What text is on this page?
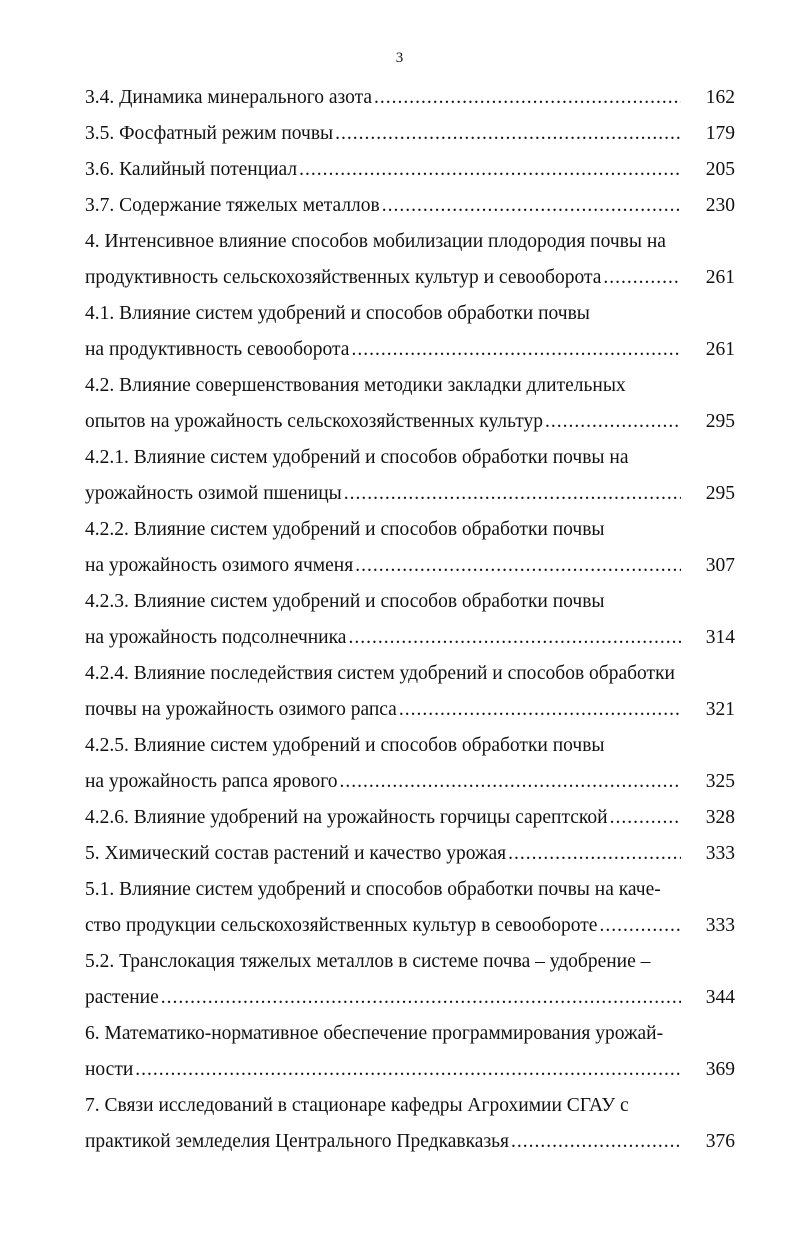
3
3.4. Динамика минерального азота .....	162
3.5. Фосфатный режим почвы .....	179
3.6. Калийный потенциал .....	205
3.7. Содержание тяжелых металлов .....	230
4. Интенсивное влияние способов мобилизации плодородия почвы на
продуктивность сельскохозяйственных культур и севооборота .....	261
4.1. Влияние систем удобрений и способов обработки почвы
на продуктивность севооборота .....	261
4.2. Влияние совершенствования методики закладки длительных
опытов на урожайность сельскохозяйственных культур .....	295
4.2.1. Влияние систем удобрений и способов обработки почвы на
урожайность озимой пшеницы .....	295
4.2.2. Влияние систем удобрений и способов обработки почвы
на урожайность озимого ячменя .....	307
4.2.3. Влияние систем удобрений и способов обработки почвы
на урожайность подсолнечника .....	314
4.2.4. Влияние последействия систем удобрений и способов обработки
почвы на урожайность озимого рапса .....	321
4.2.5. Влияние систем удобрений и способов обработки почвы
на урожайность рапса ярового .....	325
4.2.6. Влияние удобрений на урожайность горчицы сарептской .....	328
5. Химический состав растений и качество урожая .....	333
5.1. Влияние систем удобрений и способов обработки почвы на каче-
ство продукции сельскохозяйственных культур в севообороте .....	333
5.2. Транслокация тяжелых металлов в системе почва – удобрение –
растение .....	344
6. Математико-нормативное обеспечение программирования урожай-
ности .....	369
7. Связи исследований в стационаре кафедры Агрохимии СГАУ с
практикой земледелия Центрального Предкавказья .....	376
